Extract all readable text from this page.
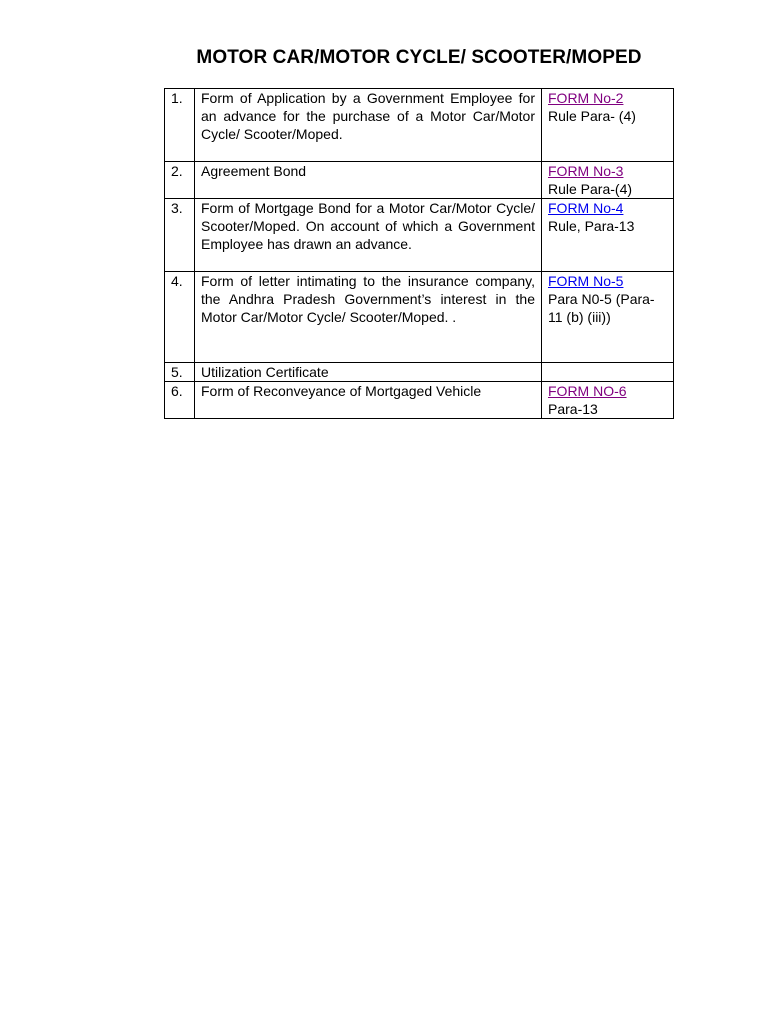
MOTOR CAR/MOTOR CYCLE/ SCOOTER/MOPED
1.	Form of Application by a Government Employee for an advance for the purchase of a Motor Car/Motor Cycle/ Scooter/Moped.	FORM No-2
Rule Para- (4)

2.	Agreement Bond	FORM No-3
Rule Para-(4)

3.	Form of Mortgage Bond for a Motor Car/Motor Cycle/ Scooter/Moped. On account of which a Government Employee has drawn an advance.	FORM No-4
Rule, Para-13

4.	Form of letter intimating to the insurance company, the Andhra Pradesh Government’s interest in the Motor Car/Motor Cycle/ Scooter/Moped. .	FORM No-5
Para N0-5 (Para-11 (b) (iii))

5.	Utilization Certificate	
6.	Form of Reconveyance of Mortgaged Vehicle	FORM NO-6
Para-13
